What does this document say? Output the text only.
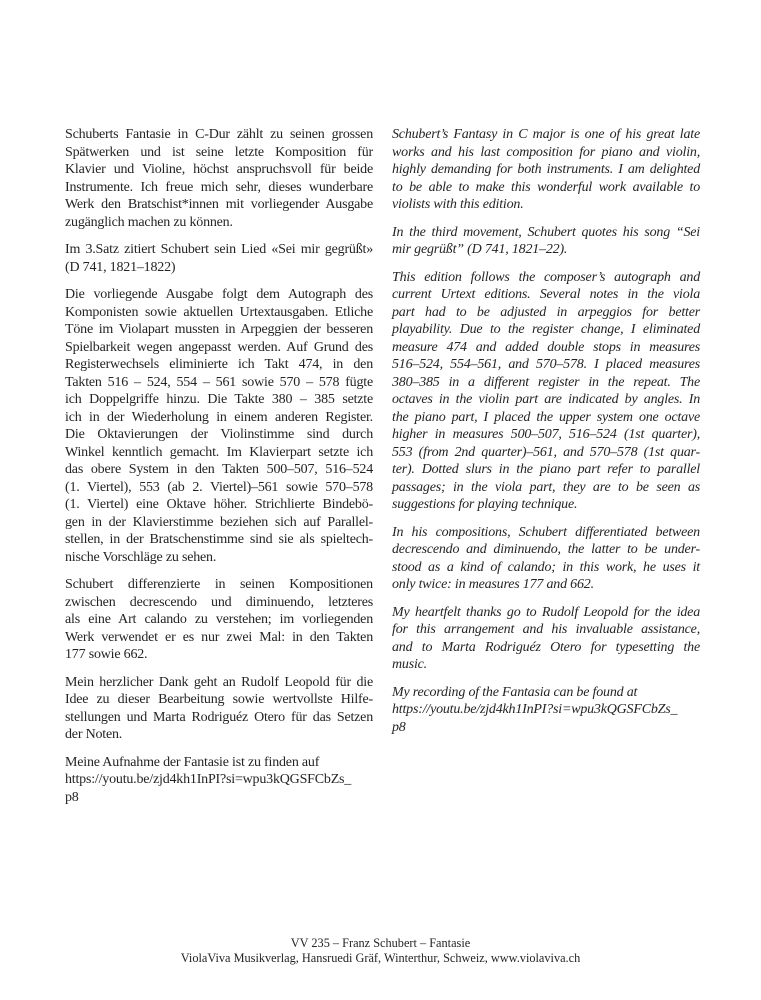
Schuberts Fantasie in C-Dur zählt zu seinen grossen
Spätwerken und ist seine letzte Komposition für
Klavier und Violine, höchst anspruchsvoll für beide
Instrumente. Ich freue mich sehr, dieses wunderbare
Werk den Bratschist*innen mit vorliegender Ausgabe
zugänglich machen zu können.
Im 3.Satz zitiert Schubert sein Lied «Sei mir gegrüßt»
(D 741, 1821–1822)
Die vorliegende Ausgabe folgt dem Autograph des
Komponisten sowie aktuellen Urtextausgaben. Etliche
Töne im Violapart mussten in Arpeggien der besseren
Spielbarkeit wegen angepasst werden. Auf Grund des
Registerwechsels eliminierte ich Takt 474, in den
Takten 516 – 524, 554 – 561 sowie 570 – 578 fügte
ich Doppelgriffe hinzu. Die Takte 380 – 385 setzte
ich in der Wiederholung in einem anderen Register.
Die Oktavierungen der Violinstimme sind durch
Winkel kenntlich gemacht. Im Klavierpart setzte ich
das obere System in den Takten 500–507, 516–524
(1. Viertel), 553 (ab 2. Viertel)–561 sowie 570–578
(1. Viertel) eine Oktave höher. Strichlierte Bindebö-
gen in der Klavierstimme beziehen sich auf Parallel-
stellen, in der Bratschenstimme sind sie als spieltech-
nische Vorschläge zu sehen.
Schubert differenzierte in seinen Kompositionen
zwischen decrescendo und diminuendo, letzteres
als eine Art calando zu verstehen; im vorliegenden
Werk verwendet er es nur zwei Mal: in den Takten
177 sowie 662.
Mein herzlicher Dank geht an Rudolf Leopold für die
Idee zu dieser Bearbeitung sowie wertvollste Hilfe-
stellungen und Marta Rodriguéz Otero für das Setzen
der Noten.
Meine Aufnahme der Fantasie ist zu finden auf
https://youtu.be/zjd4kh1InPI?si=wpu3kQGSFCbZs_
p8
Schubert’s Fantasy in C major is one of his great late
works and his last composition for piano and violin,
highly demanding for both instruments. I am delighted
to be able to make this wonderful work available to
violists with this edition.
In the third movement, Schubert quotes his song “Sei
mir gegrüßt” (D 741, 1821–22).
This edition follows the composer’s autograph and
current Urtext editions. Several notes in the viola
part had to be adjusted in arpeggios for better
playability. Due to the register change, I eliminated
measure 474 and added double stops in measures
516–524, 554–561, and 570–578. I placed measures
380–385 in a different register in the repeat. The
octaves in the violin part are indicated by angles. In
the piano part, I placed the upper system one octave
higher in measures 500–507, 516–524 (1st quarter),
553 (from 2nd quarter)–561, and 570–578 (1st quar-
ter). Dotted slurs in the piano part refer to parallel
passages; in the viola part, they are to be seen as
suggestions for playing technique.
In his compositions, Schubert differentiated between
decrescendo and diminuendo, the latter to be under-
stood as a kind of calando; in this work, he uses it
only twice: in measures 177 and 662.
My heartfelt thanks go to Rudolf Leopold for the idea
for this arrangement and his invaluable assistance,
and to Marta Rodriguéz Otero for typesetting the
music.
My recording of the Fantasia can be found at
https://youtu.be/zjd4kh1InPI?si=wpu3kQGSFCbZs_
p8
VV 235 – Franz Schubert – Fantasie
ViolaViva Musikverlag, Hansruedi Gräf, Winterthur, Schweiz, www.violaviva.ch
